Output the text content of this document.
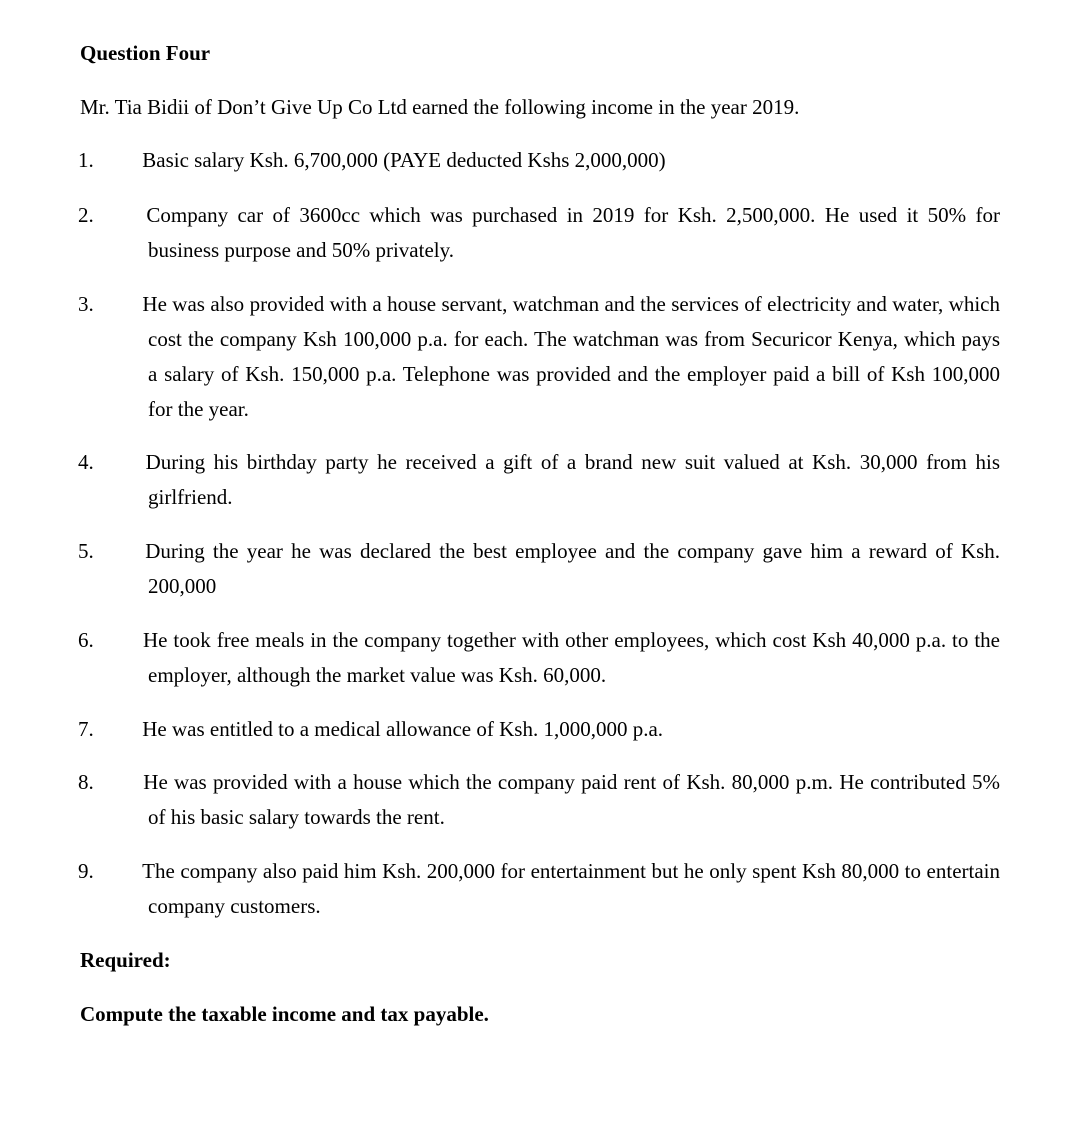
Question Four

Mr. Tia Bidii of Don’t Give Up Co Ltd earned the following income in the year 2019.

1. Basic salary Ksh. 6,700,000 (PAYE deducted Kshs 2,000,000)
2.	Company car of 3600cc which was purchased in 2019 for Ksh. 2,500,000. He used it 50% for business purpose and 50% privately.
3. He was also provided with a house servant, watchman and the services of electricity and water, which cost the company Ksh 100,000 p.a. for each. The watchman was from Securicor Kenya, which pays a salary of Ksh. 150,000 p.a. Telephone was provided and the employer paid a bill of Ksh 100,000 for the year.
4. During his birthday party he received a gift of a brand new suit valued at Ksh. 30,000 from his girlfriend.
5. During the year he was declared the best employee and the company gave him a reward of Ksh. 200,000
6. He took free meals in the company together with other employees, which cost Ksh 40,000 p.a. to the employer, although the market value was Ksh. 60,000.
7. He was entitled to a medical allowance of Ksh. 1,000,000 p.a.
8. He was provided with a house which the company paid rent of Ksh. 80,000 p.m. He contributed 5% of his basic salary towards the rent.
9. The company also paid him Ksh. 200,000 for entertainment but he only spent Ksh 80,000 to entertain company customers.

Required:

Compute the taxable income and tax payable.
